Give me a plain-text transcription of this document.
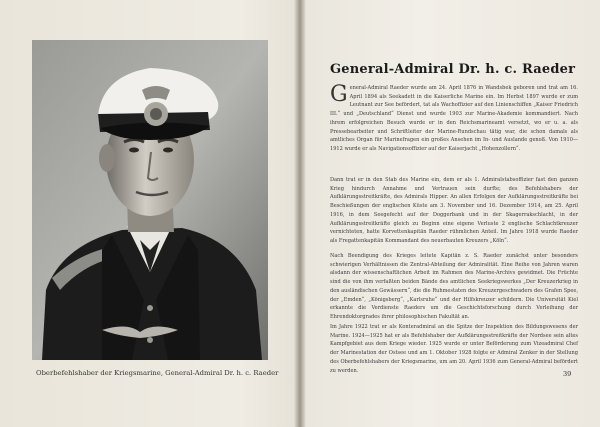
Oberbefehlshaber der Kriegsmarine, General-Admiral Dr. h. c. Raeder
General-Admiral Dr. h. c. Raeder
General-Admiral Raeder wurde am 24. April 1876 in Wandsbek geboren und trat am 16. April 1894 als Seekadett in die Kaiserliche Marine ein. Im Herbst 1897 wurde er zum Leutnant zur See befördert, tat als Wachoffizier auf den Linienschiffen „Kaiser Friedrich III.“ und „Deutschland“ Dienst und wurde 1903 zur Marine-Akademie kommandiert. Nach ihrem erfolgreichen Besuch wurde er in den Reichsmarineamt versetzt, wo er u. a. als Pressebearbeiter und Schriftleiter der Marine-Rundschau tätig war, die schon damals als amtliches Organ für Marinefragen ein großes Ansehen im In- und Auslande genoß. Von 1910—1912 wurde er als Navigationsoffizier auf der Kaiserjacht „Hohenzollern“.
Dann trat er in den Stab des Marine ein, dem er als 1. Admiralstabsoffizier fast den ganzen Krieg hindurch Annahme und Vertrauen sein durfte; des Befehlshabers der Aufklärungsstreitkräfte, des Admirals Hipper. An allen Erfolgen der Aufklärungsstreitkräfte bei Beschießungen der englischen Küste am 3. November und 16. Dezember 1914, am 25. April 1916, in dem Seegefecht auf der Doggerbank und in der Skagerrakschlacht, in der Aufklärungsstreitkräfte gleich zu Beginn eine eigene Verluste 2 englische Schlachtkreuzer vernichteten, hatte Korvettenkapitän Raeder rühmlichen Anteil. Im Jahre 1918 wurde Raeder als Fregattenkapitän Kommandant des neuerbauten Kreuzers „Köln“.
Nach Beendigung des Krieges leitete Kapitän z. S. Raeder zunächst unter besonders schwierigen Verhältnissen die Zentral-Abteilung der Admiralität. Eine Reihe von Jahren waren alsdann der wissenschaftlichen Arbeit im Rahmen des Marine-Archivs gewidmet. Die Früchte sind die von ihm verfaßten beiden Bände des amtlichen Seekriegswerkes „Der Kreuzerkrieg in den ausländischen Gewässern“, die die Ruhmestaten des Kreuzergeschwaders des Grafen Spee, der „Emden“, „Königsberg“, „Karlsruhe“ und der Hilfskreuzer schildern. Die Universität Kiel erkannte die Verdienste Raeders um die Geschichtsforschung durch Verleihung der Ehrendoktorgrades ihrer philosophischen Fakultät an.
Im Jahre 1922 trat er als Konteradmiral an die Spitze der Inspektion des Bildungswesens der Marine. 1924—1925 hat er als Befehlshaber der Aufklärungsstreitkräfte der Nordsee sein altes Kampfgebiet aus dem Kriege wieder. 1925 wurde er unter Beförderung zum Vizeadmiral Chef der Marinestation der Ostsee und am 1. Oktober 1928 folgte er Admiral Zenker in der Stellung des Oberbefehlshabers der Kriegsmarine, um am 20. April 1936 zum General-Admiral befördert zu werden.	39
